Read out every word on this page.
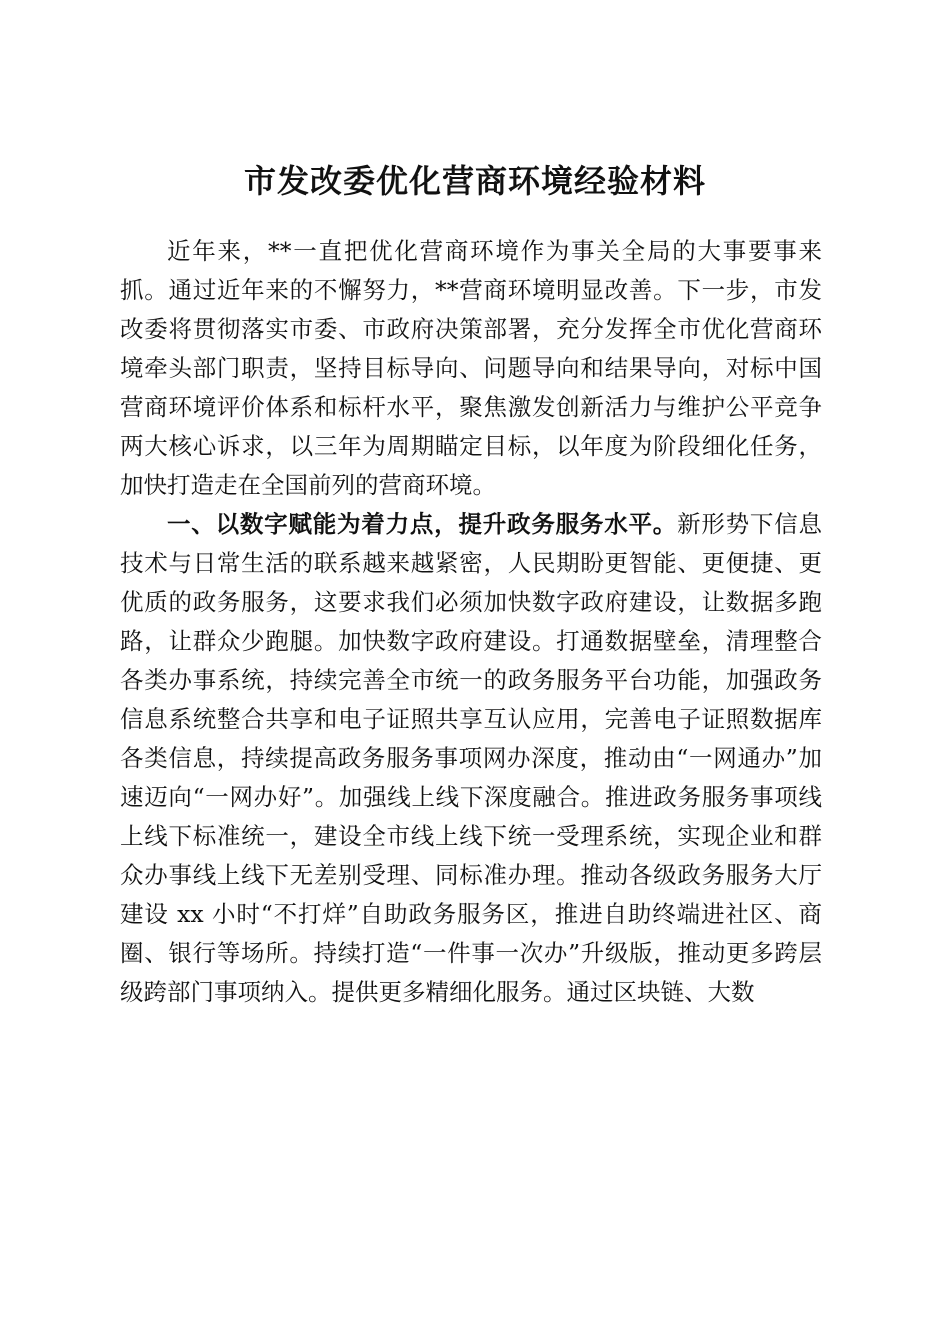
市发改委优化营商环境经验材料

近年来，**一直把优化营商环境作为事关全局的大事要事来抓。通过近年来的不懈努力，**营商环境明显改善。下一步，市发改委将贯彻落实市委、市政府决策部署，充分发挥全市优化营商环境牵头部门职责，坚持目标导向、问题导向和结果导向，对标中国营商环境评价体系和标杆水平，聚焦激发创新活力与维护公平竞争两大核心诉求，以三年为周期瞄定目标，以年度为阶段细化任务，加快打造走在全国前列的营商环境。

一、以数字赋能为着力点，提升政务服务水平。新形势下信息技术与日常生活的联系越来越紧密，人民期盼更智能、更便捷、更优质的政务服务，这要求我们必须加快数字政府建设，让数据多跑路，让群众少跑腿。加快数字政府建设。打通数据壁垒，清理整合各类办事系统，持续完善全市统一的政务服务平台功能，加强政务信息系统整合共享和电子证照共享互认应用，完善电子证照数据库各类信息，持续提高政务服务事项网办深度，推动由“一网通办”加速迈向“一网办好”。加强线上线下深度融合。推进政务服务事项线上线下标准统一，建设全市线上线下统一受理系统，实现企业和群众办事线上线下无差别受理、同标准办理。推动各级政务服务大厅建设 xx 小时“不打烊”自助政务服务区，推进自助终端进社区、商圈、银行等场所。持续打造“一件事一次办”升级版，推动更多跨层级跨部门事项纳入。提供更多精细化服务。通过区块链、大数
